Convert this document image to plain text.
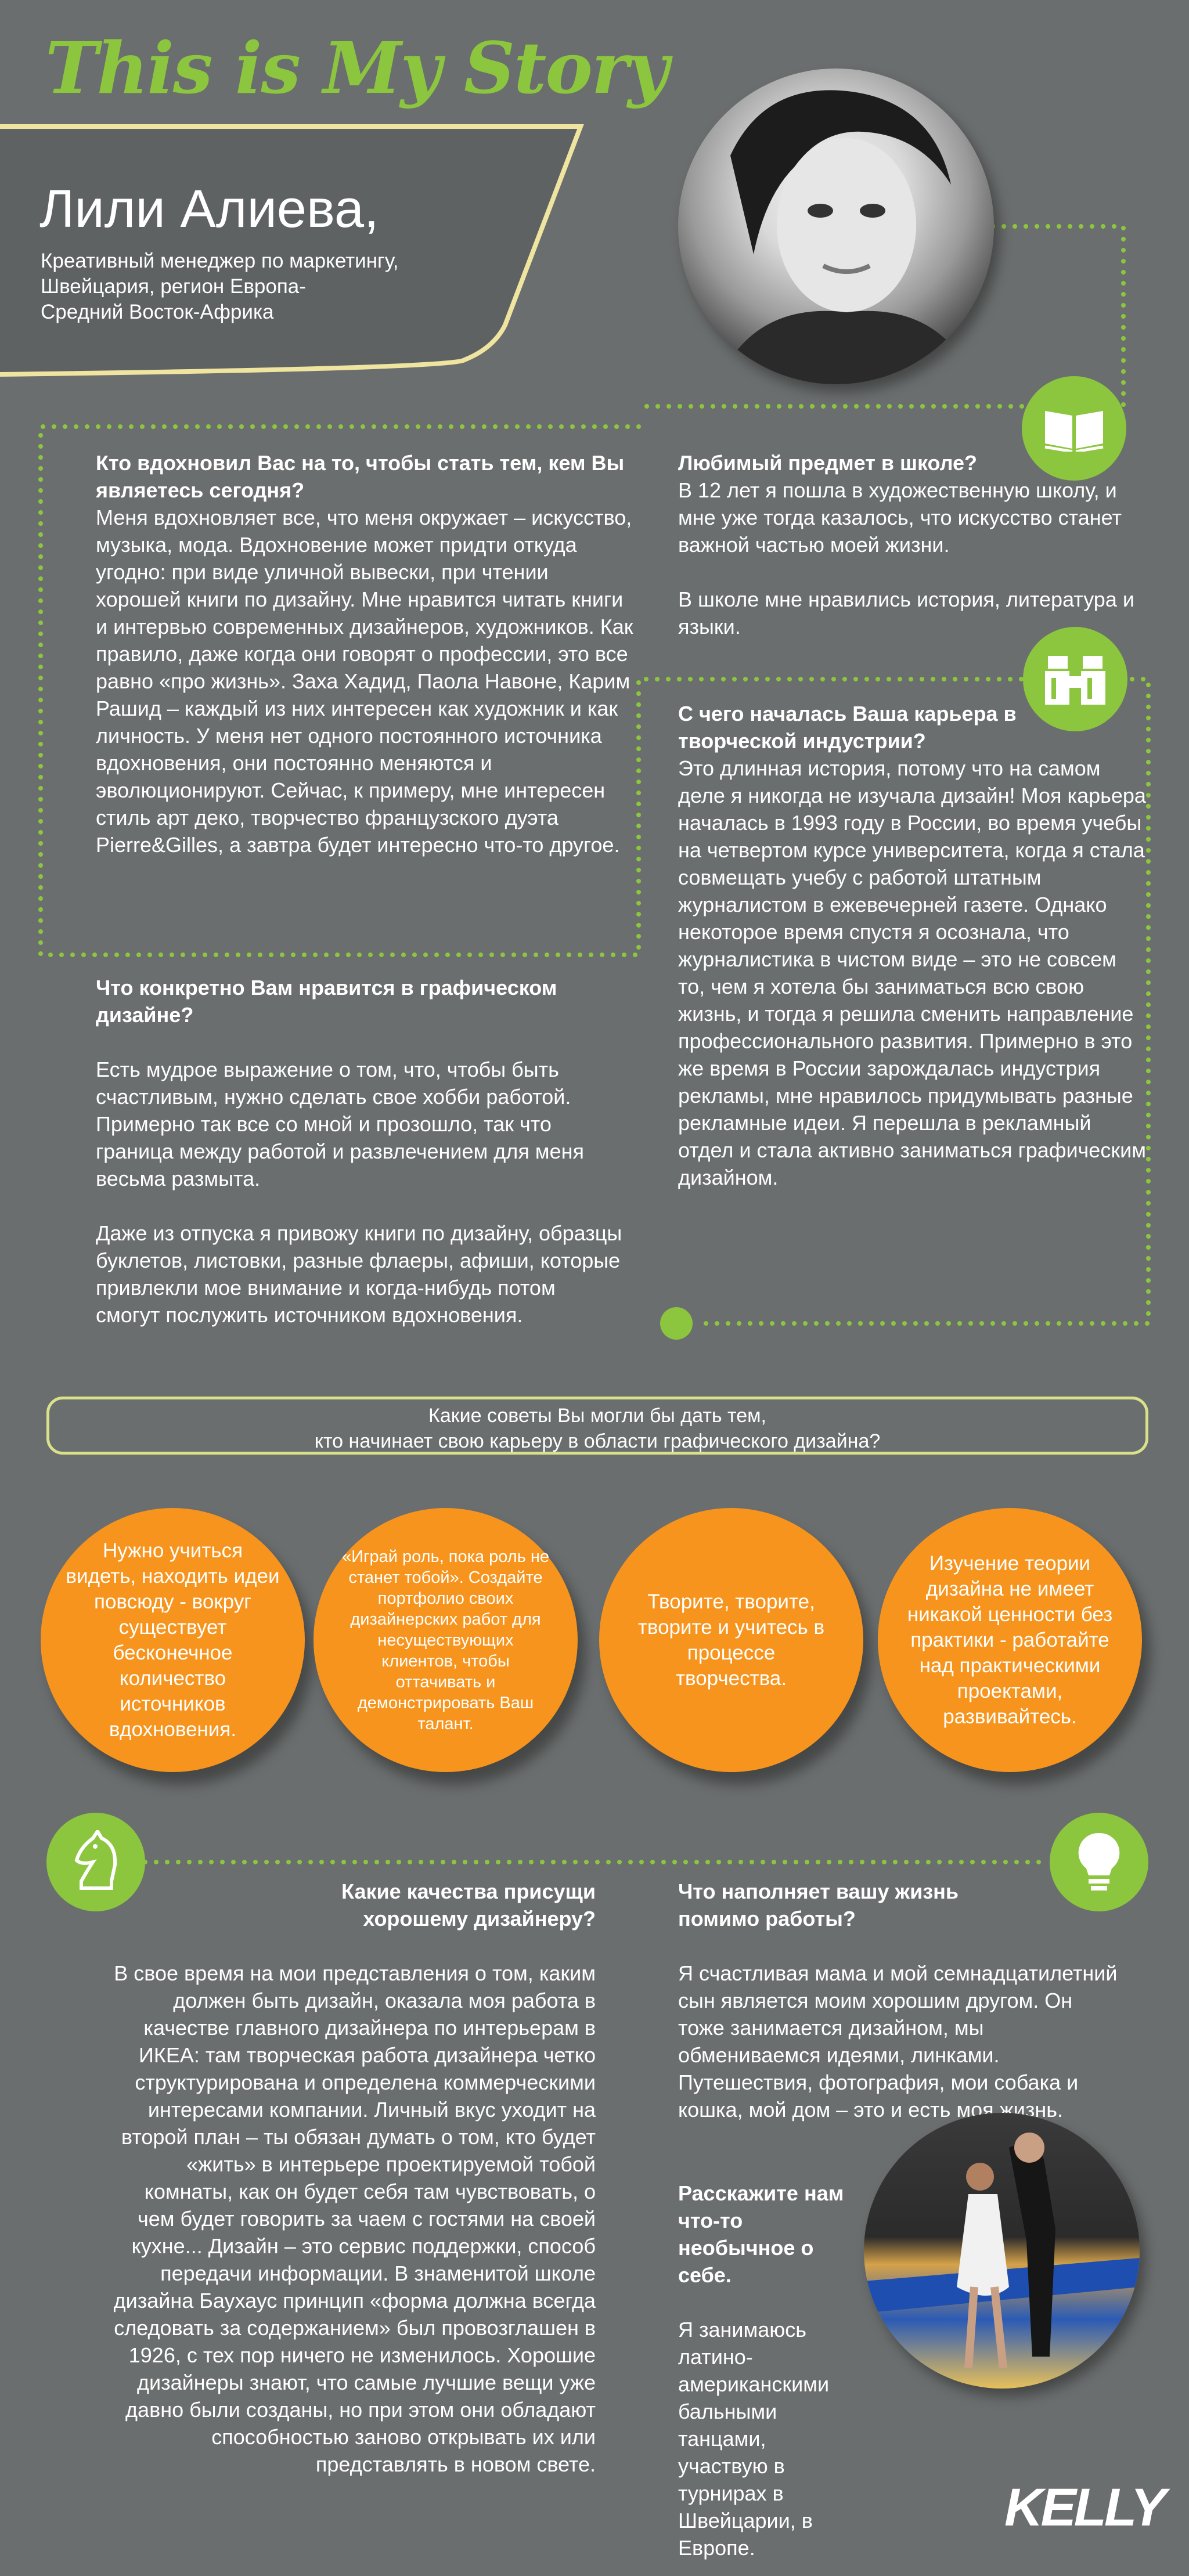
This is My Story
Лили Алиева,
Креативный менеджер по маркетингу,
Швейцария, регион Европа-
Средний Восток-Африка

Кто вдохновил Вас на то, чтобы стать тем, кем Вы являетесь сегодня?

Меня вдохновляет все, что меня окружает – искусство, музыка, мода. Вдохновение может придти откуда угодно: при виде уличной вывески, при чтении хорошей книги по дизайну. Мне нравится читать книги и интервью современных дизайнеров, художников. Как правило, даже когда они говорят о профессии, это все равно «про жизнь». Заха Хадид, Паола Навоне, Карим Рашид – каждый из них интересен как художник и как личность. У меня нет одного постоянного источника вдохновения, они постоянно меняются и эволюционируют. Сейчас, к примеру, мне интересен стиль арт деко, творчество французского дуэта Pierre&Gilles, а завтра будет интересно что-то другое.

Любимый предмет в школе?

В 12 лет я пошла в художественную школу, и мне уже тогда казалось, что искусство станет важной частью моей жизни.

В школе мне нравились история, литература и языки.

С чего началась Ваша карьера в творческой индустрии?

Это длинная история, потому что на самом деле я никогда не изучала дизайн! Моя карьера началась в 1993 году в России, во время учебы на четвертом курсе университета, когда я стала совмещать учебу с работой штатным журналистом в ежевечерней газете. Однако некоторое время спустя я осознала, что журналистика в чистом виде – это не совсем то, чем я хотела бы заниматься всю свою жизнь, и тогда я решила сменить направление профессионального развития. Примерно в это же время в России зарождалась индустрия рекламы, мне нравилось придумывать разные рекламные идеи. Я перешла в рекламный отдел и стала активно заниматься графическим дизайном.

Что конкретно Вам нравится в графическом дизайне?

Есть мудрое выражение о том, что, чтобы быть счастливым, нужно сделать свое хобби работой. Примерно так все со мной и прозошло, так что граница между работой и развлечением для меня весьма размыта.

Даже из отпуска я привожу книги по дизайну, образцы буклетов, листовки, разные флаеры, афиши, которые привлекли мое внимание и когда-нибудь потом смогут послужить источником вдохновения.

Какие советы Вы могли бы дать тем,
кто начинает свою карьеру в области графического дизайна?
Нужно учиться видеть, находить идеи повсюду - вокруг существует бесконечное количество источников вдохновения.
«Играй роль, пока роль не станет тобой». Создайте портфолио своих дизайнерских работ для несуществующих клиентов, чтобы оттачивать и демонстрировать Ваш талант.
Творите, творите, творите и учитесь в процессе творчества.
Изучение теории дизайна не имеет никакой ценности без практики - работайте над практическими проектами, развивайтесь.

Какие качества присущи хорошему дизайнеру?

В свое время на мои представления о том, каким должен быть дизайн, оказала моя работа в качестве главного дизайнера по интерьерам в ИКЕА: там творческая работа дизайнера четко структурирована и определена коммерческими интересами компании. Личный вкус уходит на второй план – ты обязан думать о том, кто будет «жить» в интерьере проектируемой тобой комнаты, как он будет себя там чувствовать, о чем будет говорить за чаем с гостями на своей кухне... Дизайн – это сервис поддержки, способ передачи информации. В знаменитой школе дизайна Баухаус принцип «форма должна всегда следовать за содержанием» был провозглашен в 1926, с тех пор ничего не изменилось. Хорошие дизайнеры знают, что самые лучшие вещи уже давно были созданы, но при этом они обладают способностью заново открывать их или представлять в новом свете.

Что наполняет вашу жизнь помимо работы?

Я счастливая мама и мой семнадцатилетний сын является моим хорошим другом. Он тоже занимается дизайном, мы обмениваемся идеями, линками. Путешествия, фотография, мои собака и кошка, мой дом – это и есть моя жизнь.

Расскажите нам что-то необычное о себе.

Я занимаюсь латино-американскими бальными танцами, участвую в турнирах в Швейцарии, в Европе.

KELLY
